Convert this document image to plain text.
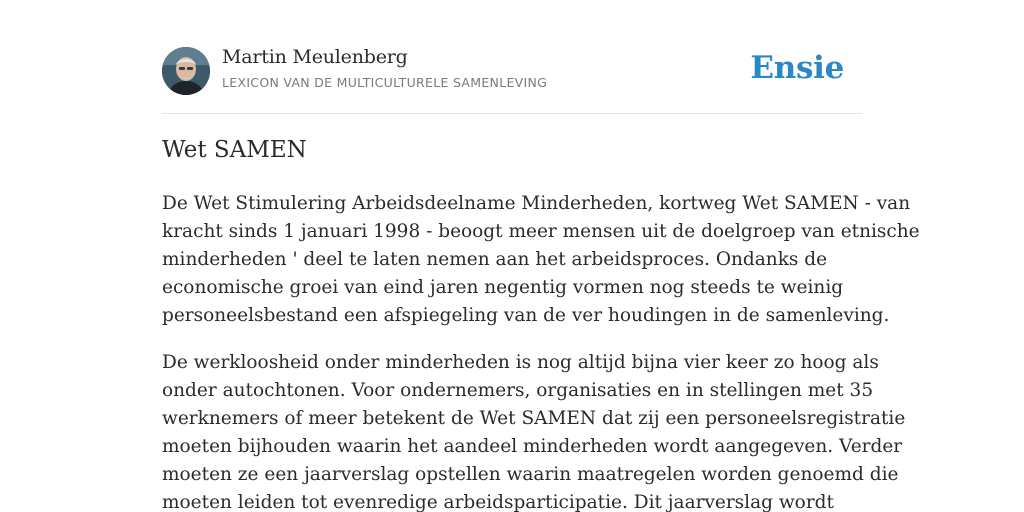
Martin Meulenberg
LEXICON VAN DE MULTICULTURELE SAMENLEVING	Ensie
Wet SAMEN

De Wet Stimulering Arbeidsdeelname Minderheden, kortweg Wet SAMEN - van
kracht sinds 1 januari 1998 - beoogt meer mensen uit de doelgroep van etnische
minderheden ' deel te laten nemen aan het arbeidsproces. Ondanks de
economische groei van eind jaren negentig vormen nog steeds te weinig
personeelsbestand een afspiegeling van de ver houdingen in de samenleving.

De werkloosheid onder minderheden is nog altijd bijna vier keer zo hoog als
onder autochtonen. Voor ondernemers, organisaties en in stellingen met 35
werknemers of meer betekent de Wet SAMEN dat zij een personeelsregistratie
moeten bijhouden waarin het aandeel minderheden wordt aangegeven. Verder
moeten ze een jaarverslag opstellen waarin maatregelen worden genoemd die
moeten leiden tot evenredige arbeidsparticipatie. Dit jaarverslag wordt
